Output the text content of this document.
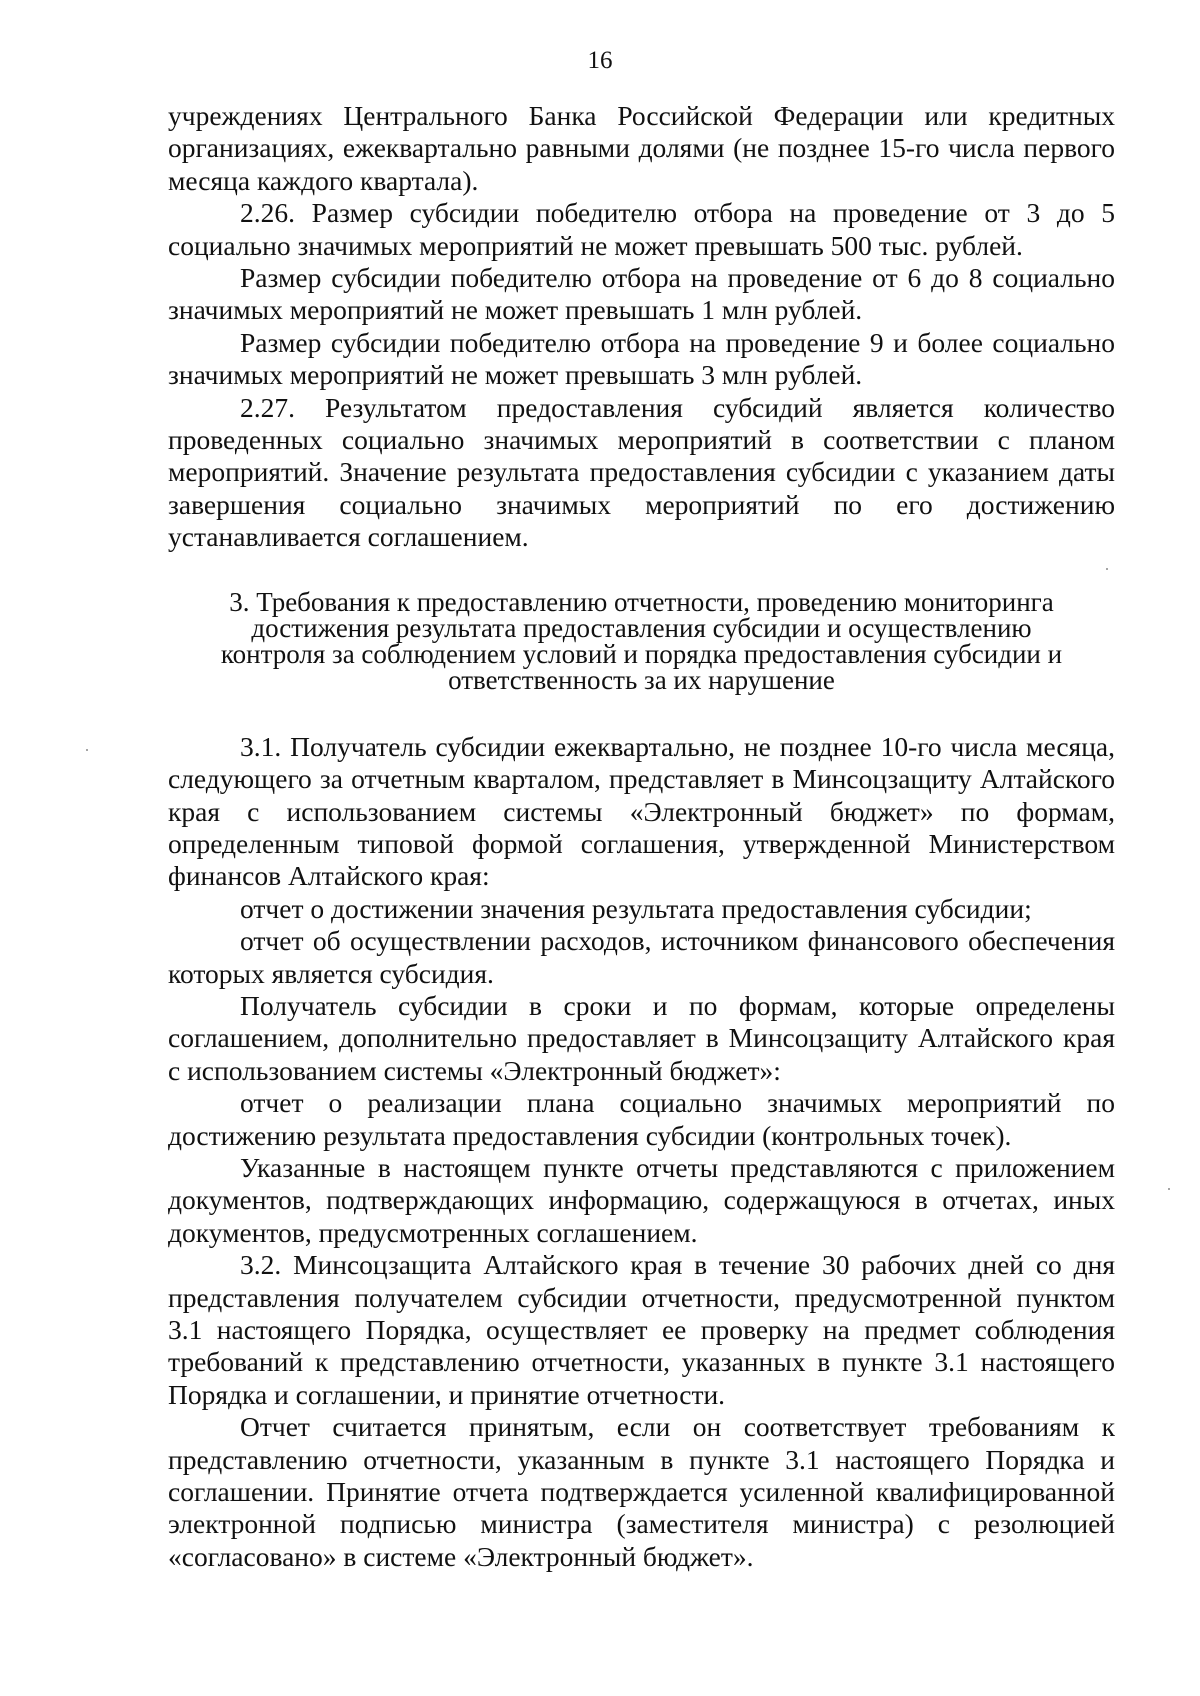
16

учреждениях Центрального Банка Российской Федерации или кредитных организациях, ежеквартально равными долями (не позднее 15-го числа первого месяца каждого квартала).

2.26. Размер субсидии победителю отбора на проведение от 3 до 5 социально значимых мероприятий не может превышать 500 тыс. рублей.

Размер субсидии победителю отбора на проведение от 6 до 8 социально значимых мероприятий не может превышать 1 млн рублей.

Размер субсидии победителю отбора на проведение 9 и более социально значимых мероприятий не может превышать 3 млн рублей.

2.27. Результатом предоставления субсидий является количество проведенных социально значимых мероприятий в соответствии с планом мероприятий. Значение результата предоставления субсидии с указанием даты завершения социально значимых мероприятий по его достижению устанавливается соглашением.

3. Требования к предоставлению отчетности, проведению мониторинга достижения результата предоставления субсидии и осуществлению контроля за соблюдением условий и порядка предоставления субсидии и ответственность за их нарушение

3.1. Получатель субсидии ежеквартально, не позднее 10-го числа месяца, следующего за отчетным кварталом, представляет в Минсоцзащиту Алтайского края с использованием системы «Электронный бюджет» по формам, определенным типовой формой соглашения, утвержденной Министерством финансов Алтайского края:

отчет о достижении значения результата предоставления субсидии;

отчет об осуществлении расходов, источником финансового обеспечения которых является субсидия.

Получатель субсидии в сроки и по формам, которые определены соглашением, дополнительно предоставляет в Минсоцзащиту Алтайского края с использованием системы «Электронный бюджет»:

отчет о реализации плана социально значимых мероприятий по достижению результата предоставления субсидии (контрольных точек).

Указанные в настоящем пункте отчеты представляются с приложением документов, подтверждающих информацию, содержащуюся в отчетах, иных документов, предусмотренных соглашением.

3.2. Минсоцзащита Алтайского края в течение 30 рабочих дней со дня представления получателем субсидии отчетности, предусмотренной пунктом 3.1 настоящего Порядка, осуществляет ее проверку на предмет соблюдения требований к представлению отчетности, указанных в пункте 3.1 настоящего Порядка и соглашении, и принятие отчетности.

Отчет считается принятым, если он соответствует требованиям к представлению отчетности, указанным в пункте 3.1 настоящего Порядка и соглашении. Принятие отчета подтверждается усиленной квалифицированной электронной подписью министра (заместителя министра) с резолюцией «согласовано» в системе «Электронный бюджет».
